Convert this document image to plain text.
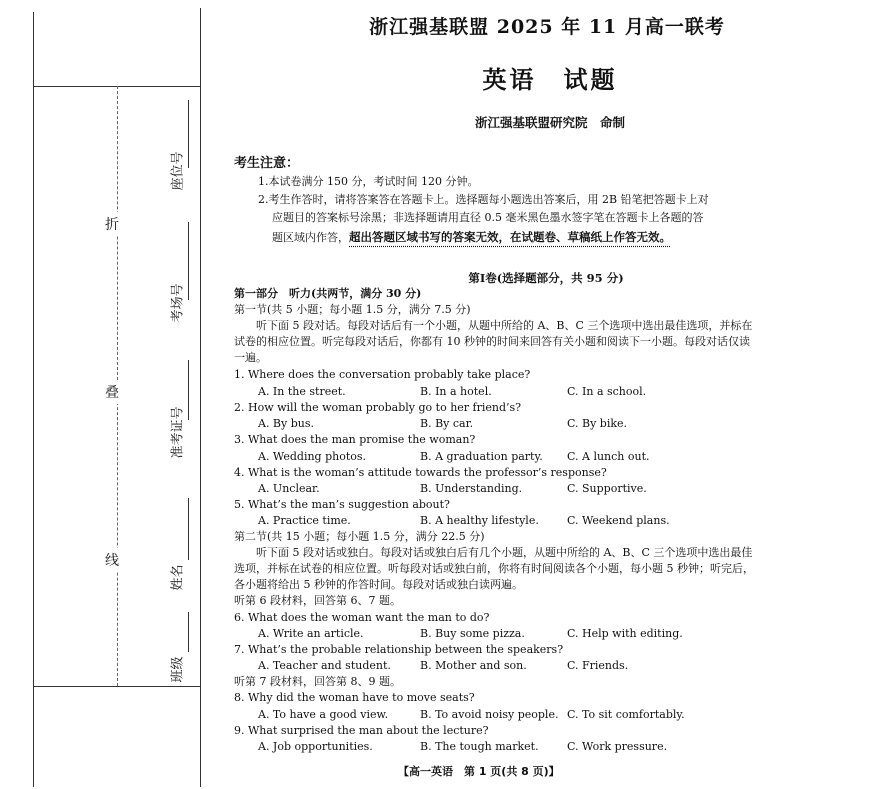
折
叠
线
座位号
考场号
准考证号
姓名
班级
浙江强基联盟 2025 年 11 月高一联考
英语　试题
浙江强基联盟研究院　命制
考生注意：
1.本试卷满分 150 分，考试时间 120 分钟。
2.考生作答时，请将答案答在答题卡上。选择题每小题选出答案后，用 2B 铅笔把答题卡上对
应题目的答案标号涂黑；非选择题请用直径 0.5 毫米黑色墨水签字笔在答题卡上各题的答
题区域内作答，超出答题区域书写的答案无效，在试题卷、草稿纸上作答无效。
第Ⅰ卷(选择题部分，共 95 分)
第一部分　听力(共两节，满分 30 分)
第一节(共 5 小题；每小题 1.5 分，满分 7.5 分)
听下面 5 段对话。每段对话后有一个小题，从题中所给的 A、B、C 三个选项中选出最佳选项，并标在试卷的相应位置。听完每段对话后，你都有 10 秒钟的时间来回答有关小题和阅读下一小题。每段对话仅读一遍。
1. Where does the conversation probably take place?
A. In the street.	B. In a hotel.	C. In a school.
2. How will the woman probably go to her friend’s?
A. By bus.	B. By car.	C. By bike.
3. What does the man promise the woman?
A. Wedding photos.	B. A graduation party. C. A lunch out.
4. What is the woman’s attitude towards the professor’s response?
A. Unclear.	B. Understanding.	C. Supportive.
5. What’s the man’s suggestion about?
A. Practice time.	B. A healthy lifestyle.	C. Weekend plans.
第二节(共 15 小题；每小题 1.5 分，满分 22.5 分)
听下面 5 段对话或独白。每段对话或独白后有几个小题，从题中所给的 A、B、C 三个选项中选出最佳选项，并标在试卷的相应位置。听每段对话或独白前，你将有时间阅读各个小题，每小题 5 秒钟；听完后，各小题将给出 5 秒钟的作答时间。每段对话或独白读两遍。
听第 6 段材料，回答第 6、7 题。
6. What does the woman want the man to do?
A. Write an article.	B. Buy some pizza.	C. Help with editing.
7. What’s the probable relationship between the speakers?
A. Teacher and student.	B. Mother and son.	C. Friends.
听第 7 段材料，回答第 8、9 题。
8. Why did the woman have to move seats?
A. To have a good view.	B. To avoid noisy people. C. To sit comfortably.
9. What surprised the man about the lecture?
A. Job opportunities.	B. The tough market.	C. Work pressure.
【高一英语　第 1 页(共 8 页)】
